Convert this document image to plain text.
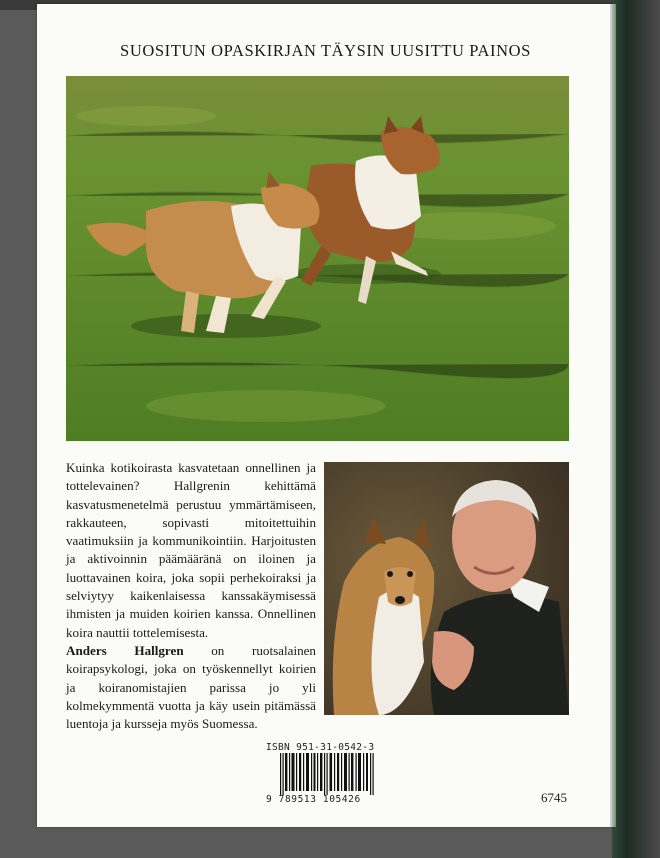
SUOSITUN OPASKIRJAN TÄYSIN UUSITTU PAINOS

Kuinka kotikoirasta kasvatetaan onnellinen ja tottelevainen? Hallgrenin kehittämä kasvatusmenetelmä perustuu ymmärtämiseen, rakkauteen, sopivasti mitoitettuihin vaatimuksiin ja kommunikointiin. Harjoitusten ja aktivoinnin päämääränä on iloinen ja luottavainen koira, joka sopii perhekoiraksi ja selviytyy kaikenlaisessa kanssakäymisessä ihmisten ja muiden koirien kanssa. Onnellinen koira nauttii tottelemisesta.

Anders Hallgren on ruotsalainen koirapsykologi, joka on työskennellyt koirien ja koiranomistajien parissa jo yli kolmekymmentä vuotta ja käy usein pitämässä luentoja ja kursseja myös Suomessa.

ISBN 951-31-0542-3
9 789513 105426	6745
